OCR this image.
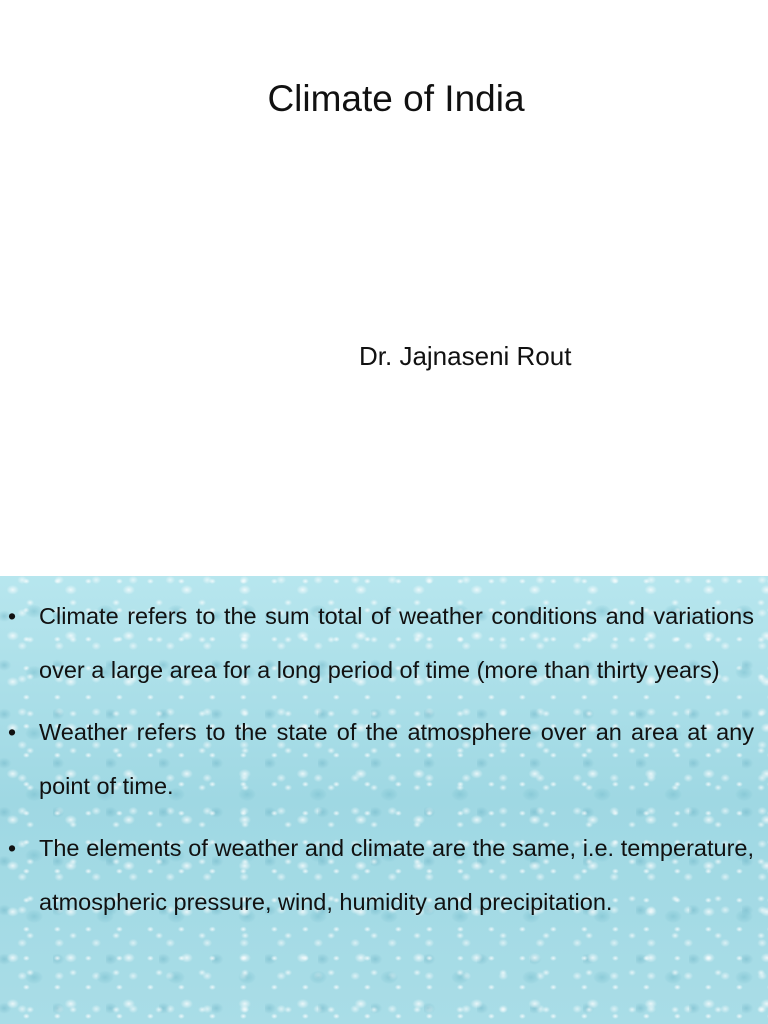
Climate of India

Dr. Jajnaseni Rout

• Climate refers to the sum total of weather conditions and variations over a large area for a long period of time (more than thirty years)
• Weather refers to the state of the atmosphere over an area at any point of time.
• The elements of weather and climate are the same, i.e. temperature, atmospheric pressure, wind, humidity and precipitation.
